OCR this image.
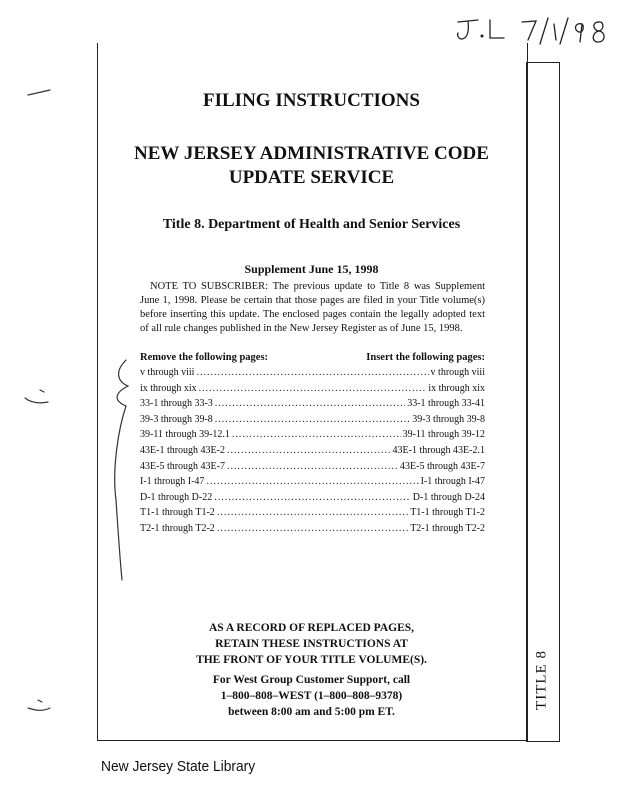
TITLE 8
FILING INSTRUCTIONS
NEW JERSEY ADMINISTRATIVE CODE
UPDATE SERVICE
Title 8. Department of Health and Senior Services
Supplement June 15, 1998
NOTE TO SUBSCRIBER: The previous update to Title 8 was Supplement June 1, 1998. Please be certain that those pages are filed in your Title volume(s) before inserting this update. The enclosed pages contain the legally adopted text of all rule changes published in the New Jersey Register as of June 15, 1998.
Remove the following pages:	Insert the following pages:
v through viii .....	v through viii
ix through xix .....	ix through xix
33-1 through 33-3 .....	33-1 through 33-41
39-3 through 39-8 .....	39-3 through 39-8
39-11 through 39-12.1 .....	39-11 through 39-12
43E-1 through 43E-2 .....	43E-1 through 43E-2.1
43E-5 through 43E-7 .....	43E-5 through 43E-7
I-1 through I-47 .....	I-1 through I-47
D-1 through D-22 .....	D-1 through D-24
T1-1 through T1-2 .....	T1-1 through T1-2
T2-1 through T2-2 .....	T2-1 through T2-2
AS A RECORD OF REPLACED PAGES,
RETAIN THESE INSTRUCTIONS AT
THE FRONT OF YOUR TITLE VOLUME(S).
For West Group Customer Support, call
1–800–808–WEST (1–800–808–9378)
between 8:00 am and 5:00 pm ET.
New Jersey State Library
